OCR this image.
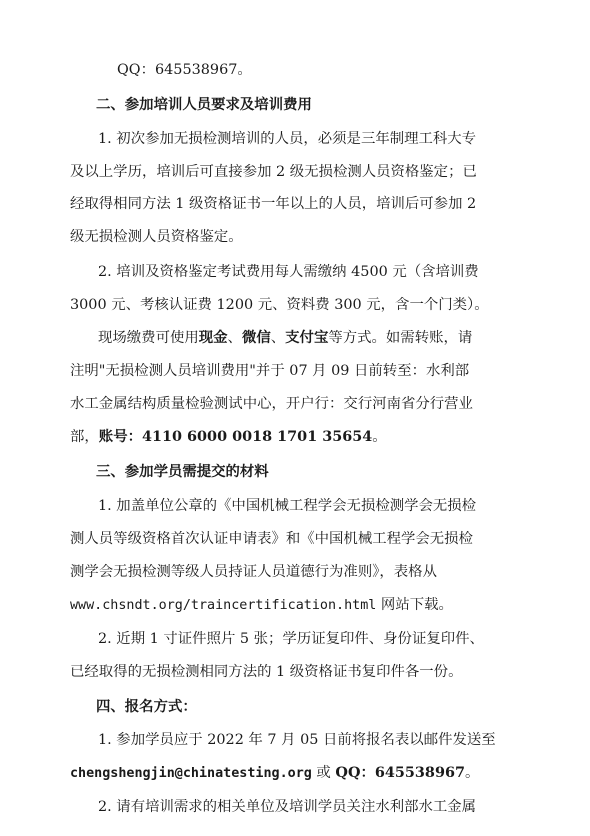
QQ：645538967。
二、参加培训人员要求及培训费用
1. 初次参加无损检测培训的人员，必须是三年制理工科大专
及以上学历，培训后可直接参加 2 级无损检测人员资格鉴定；已
经取得相同方法 1 级资格证书一年以上的人员，培训后可参加 2
级无损检测人员资格鉴定。
2. 培训及资格鉴定考试费用每人需缴纳 4500 元（含培训费
3000 元、考核认证费 1200 元、资料费 300 元，含一个门类）。
现场缴费可使用现金、微信、支付宝等方式。如需转账，请
注明"无损检测人员培训费用"并于 07 月 09 日前转至：水利部
水工金属结构质量检验测试中心，开户行：交行河南省分行营业
部，账号：4110 6000 0018 1701 35654。
三、参加学员需提交的材料
1. 加盖单位公章的《中国机械工程学会无损检测学会无损检
测人员等级资格首次认证申请表》和《中国机械工程学会无损检
测学会无损检测等级人员持证人员道德行为准则》，表格从
www.chsndt.org/traincertification.html 网站下载。
2. 近期 1 寸证件照片 5 张；学历证复印件、身份证复印件、
已经取得的无损检测相同方法的 1 级资格证书复印件各一份。
四、报名方式：
1. 参加学员应于 2022 年 7 月 05 日前将报名表以邮件发送至
chengshengjin@chinatesting.org 或 QQ：645538967。
2. 请有培训需求的相关单位及培训学员关注水利部水工金属
